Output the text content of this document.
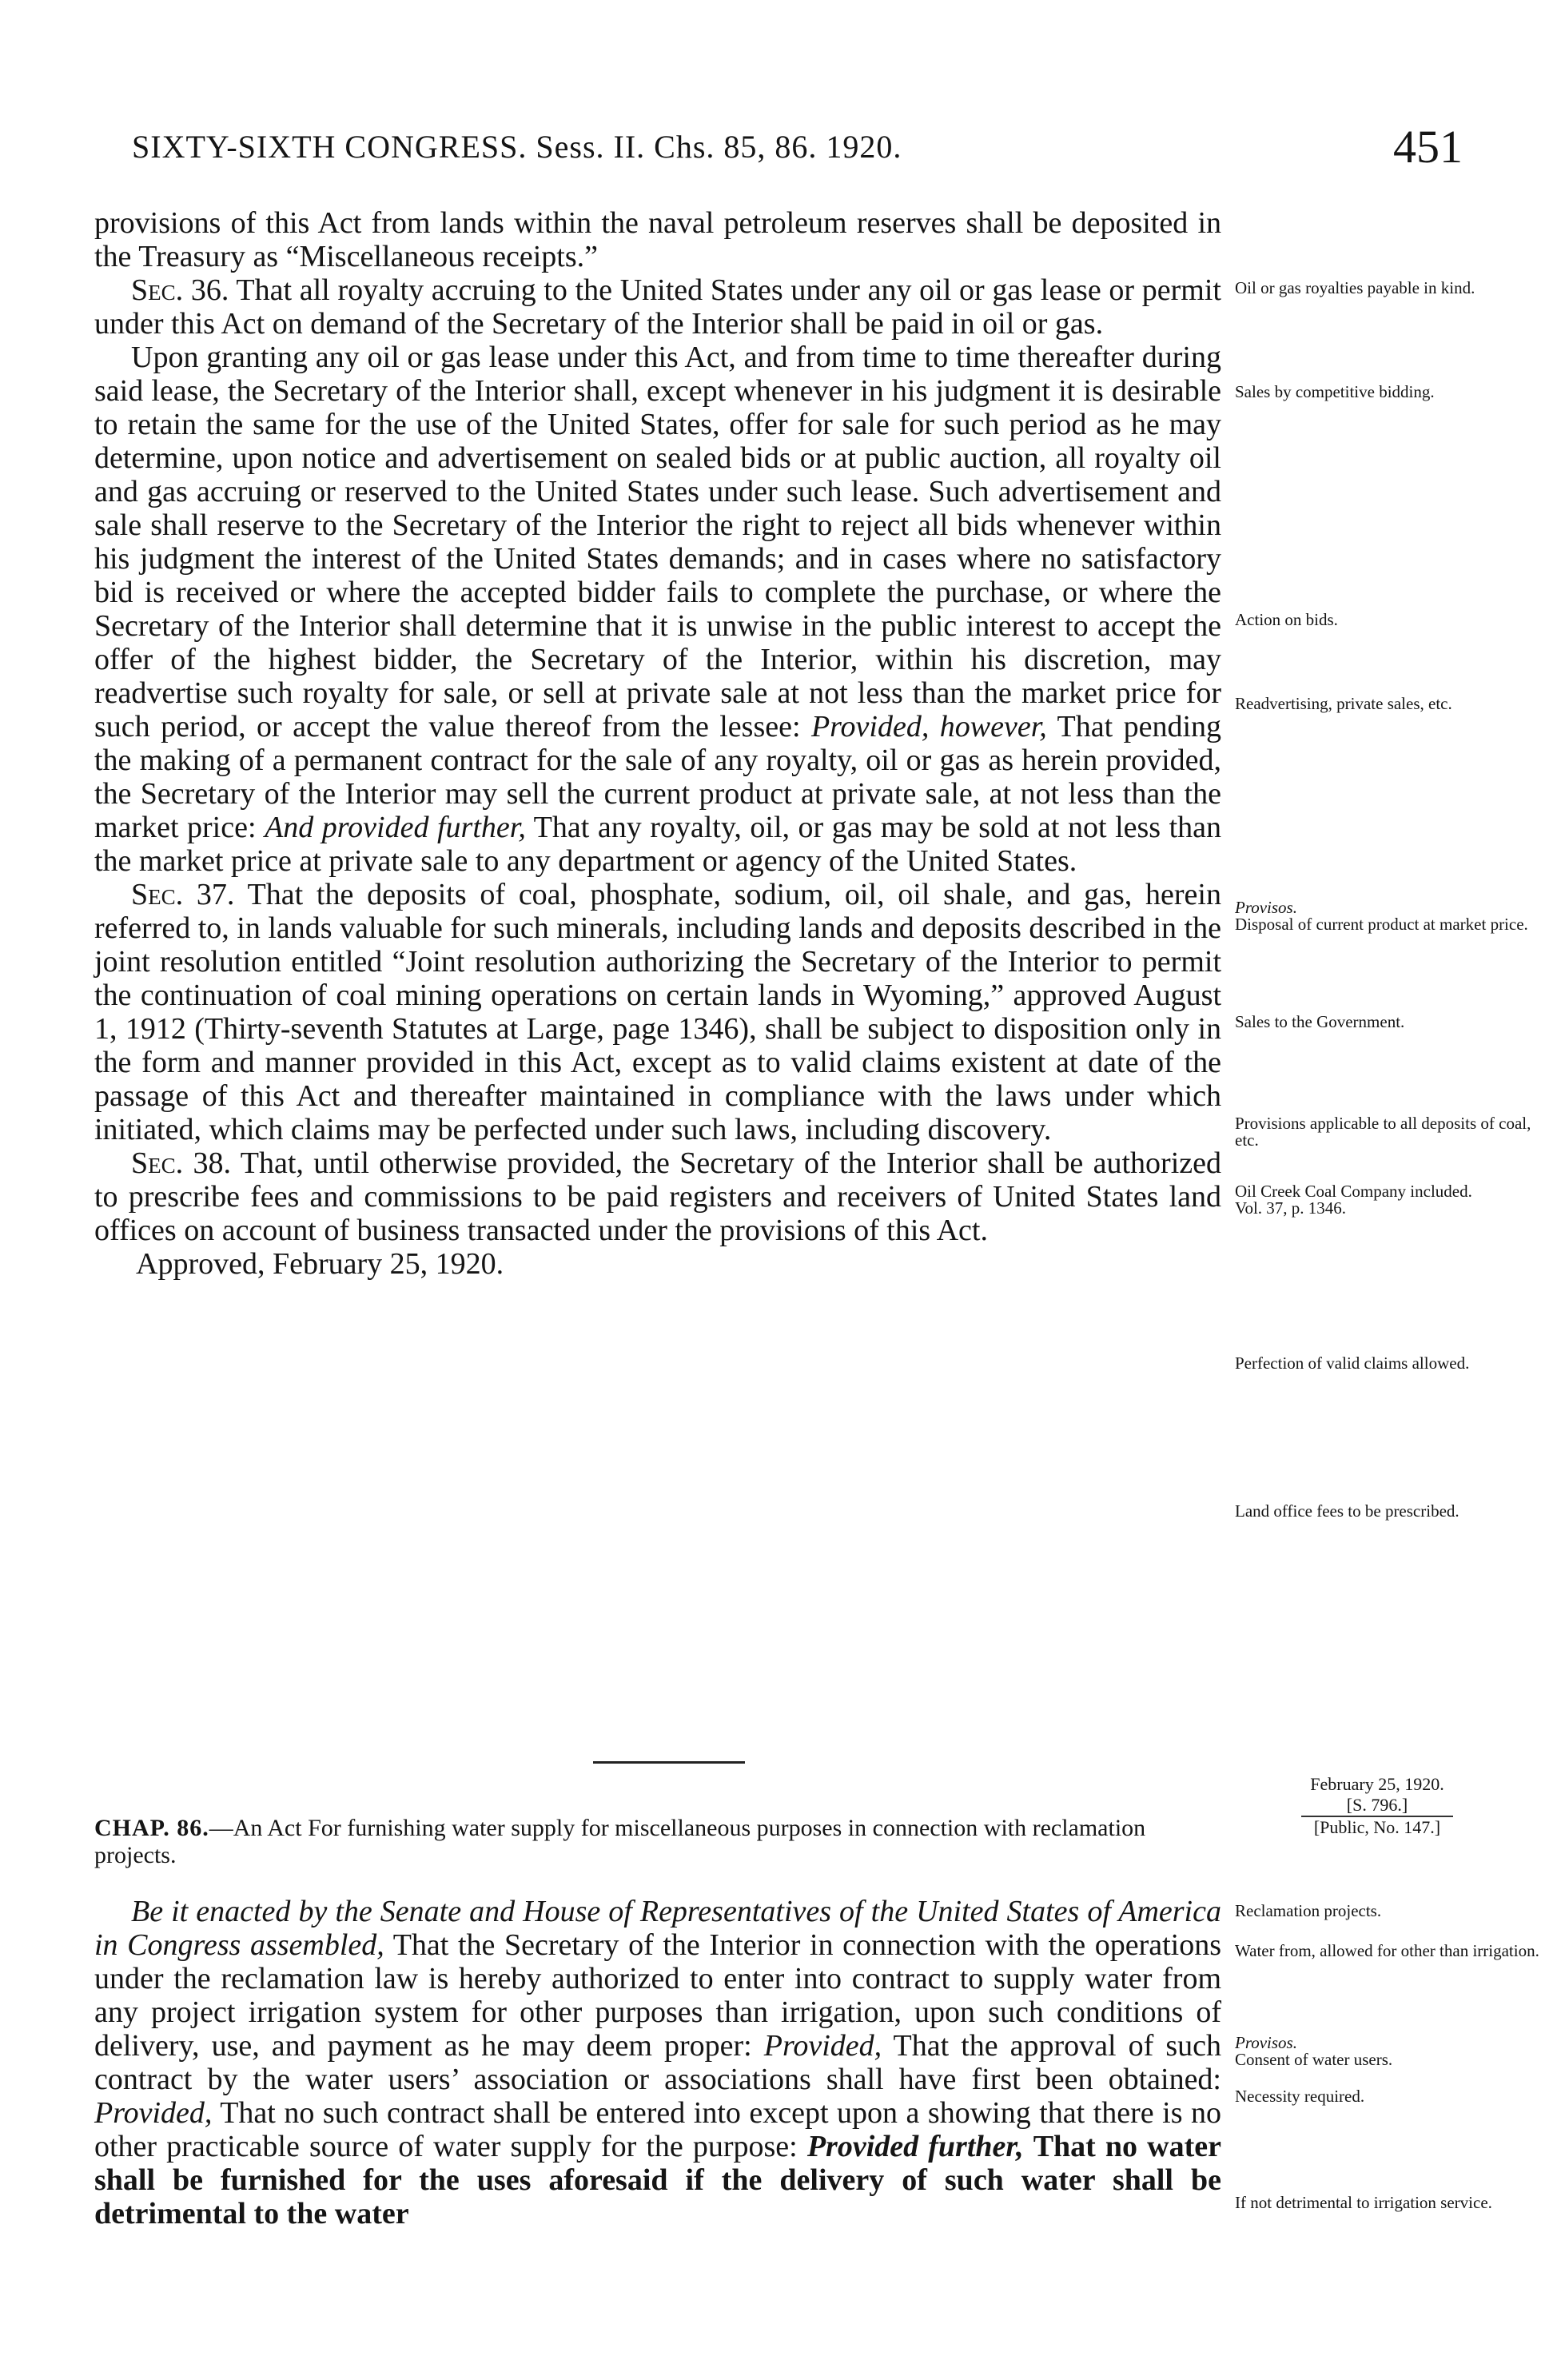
SIXTY-SIXTH CONGRESS. Sess. II. Chs. 85, 86. 1920.	451

provisions of this Act from lands within the naval petroleum reserves shall be deposited in the Treasury as “Miscellaneous receipts.”

Sec. 36. That all royalty accruing to the United States under any oil or gas lease or permit under this Act on demand of the Secretary of the Interior shall be paid in oil or gas.

Upon granting any oil or gas lease under this Act, and from time to time thereafter during said lease, the Secretary of the Interior shall, except whenever in his judgment it is desirable to retain the same for the use of the United States, offer for sale for such period as he may determine, upon notice and advertisement on sealed bids or at public auction, all royalty oil and gas accruing or reserved to the United States under such lease. Such advertisement and sale shall reserve to the Secretary of the Interior the right to reject all bids whenever within his judgment the interest of the United States demands; and in cases where no satisfactory bid is received or where the accepted bidder fails to complete the purchase, or where the Secretary of the Interior shall determine that it is unwise in the public interest to accept the offer of the highest bidder, the Secretary of the Interior, within his discretion, may readvertise such royalty for sale, or sell at private sale at not less than the market price for such period, or accept the value thereof from the lessee: Provided, however, That pending the making of a permanent contract for the sale of any royalty, oil or gas as herein provided, the Secretary of the Interior may sell the current product at private sale, at not less than the market price: And provided further, That any royalty, oil, or gas may be sold at not less than the market price at private sale to any department or agency of the United States.

Sec. 37. That the deposits of coal, phosphate, sodium, oil, oil shale, and gas, herein referred to, in lands valuable for such minerals, including lands and deposits described in the joint resolution entitled “Joint resolution authorizing the Secretary of the Interior to permit the continuation of coal mining operations on certain lands in Wyoming,” approved August 1, 1912 (Thirty-seventh Statutes at Large, page 1346), shall be subject to disposition only in the form and manner provided in this Act, except as to valid claims existent at date of the passage of this Act and thereafter maintained in compliance with the laws under which initiated, which claims may be perfected under such laws, including discovery.

Sec. 38. That, until otherwise provided, the Secretary of the Interior shall be authorized to prescribe fees and commissions to be paid registers and receivers of United States land offices on account of business transacted under the provisions of this Act.

Approved, February 25, 1920.

Oil or gas royalties payable in kind.
Sales by competitive bidding.
Action on bids.
Readvertising, private sales, etc.
Provisos.
Disposal of current product at market price.
Sales to the Government.
Provisions applicable to all deposits of coal, etc.
Oil Creek Coal Company included.
Vol. 37, p. 1346.
Perfection of valid claims allowed.
Land office fees to be prescribed.
CHAP. 86.—An Act For furnishing water supply for miscellaneous purposes in connection with reclamation projects.
February 25, 1920.
[S. 796.]
[Public, No. 147.]

Be it enacted by the Senate and House of Representatives of the United States of America in Congress assembled, That the Secretary of the Interior in connection with the operations under the reclamation law is hereby authorized to enter into contract to supply water from any project irrigation system for other purposes than irrigation, upon such conditions of delivery, use, and payment as he may deem proper: Provided, That the approval of such contract by the water users’ association or associations shall have first been obtained: Provided, That no such contract shall be entered into except upon a showing that there is no other practicable source of water supply for the purpose: Provided further, That no water shall be furnished for the uses aforesaid if the delivery of such water shall be detrimental to the water

Reclamation projects.
Water from, allowed for other than irrigation.
Provisos.
Consent of water users.
Necessity required.
If not detrimental to irrigation service.
